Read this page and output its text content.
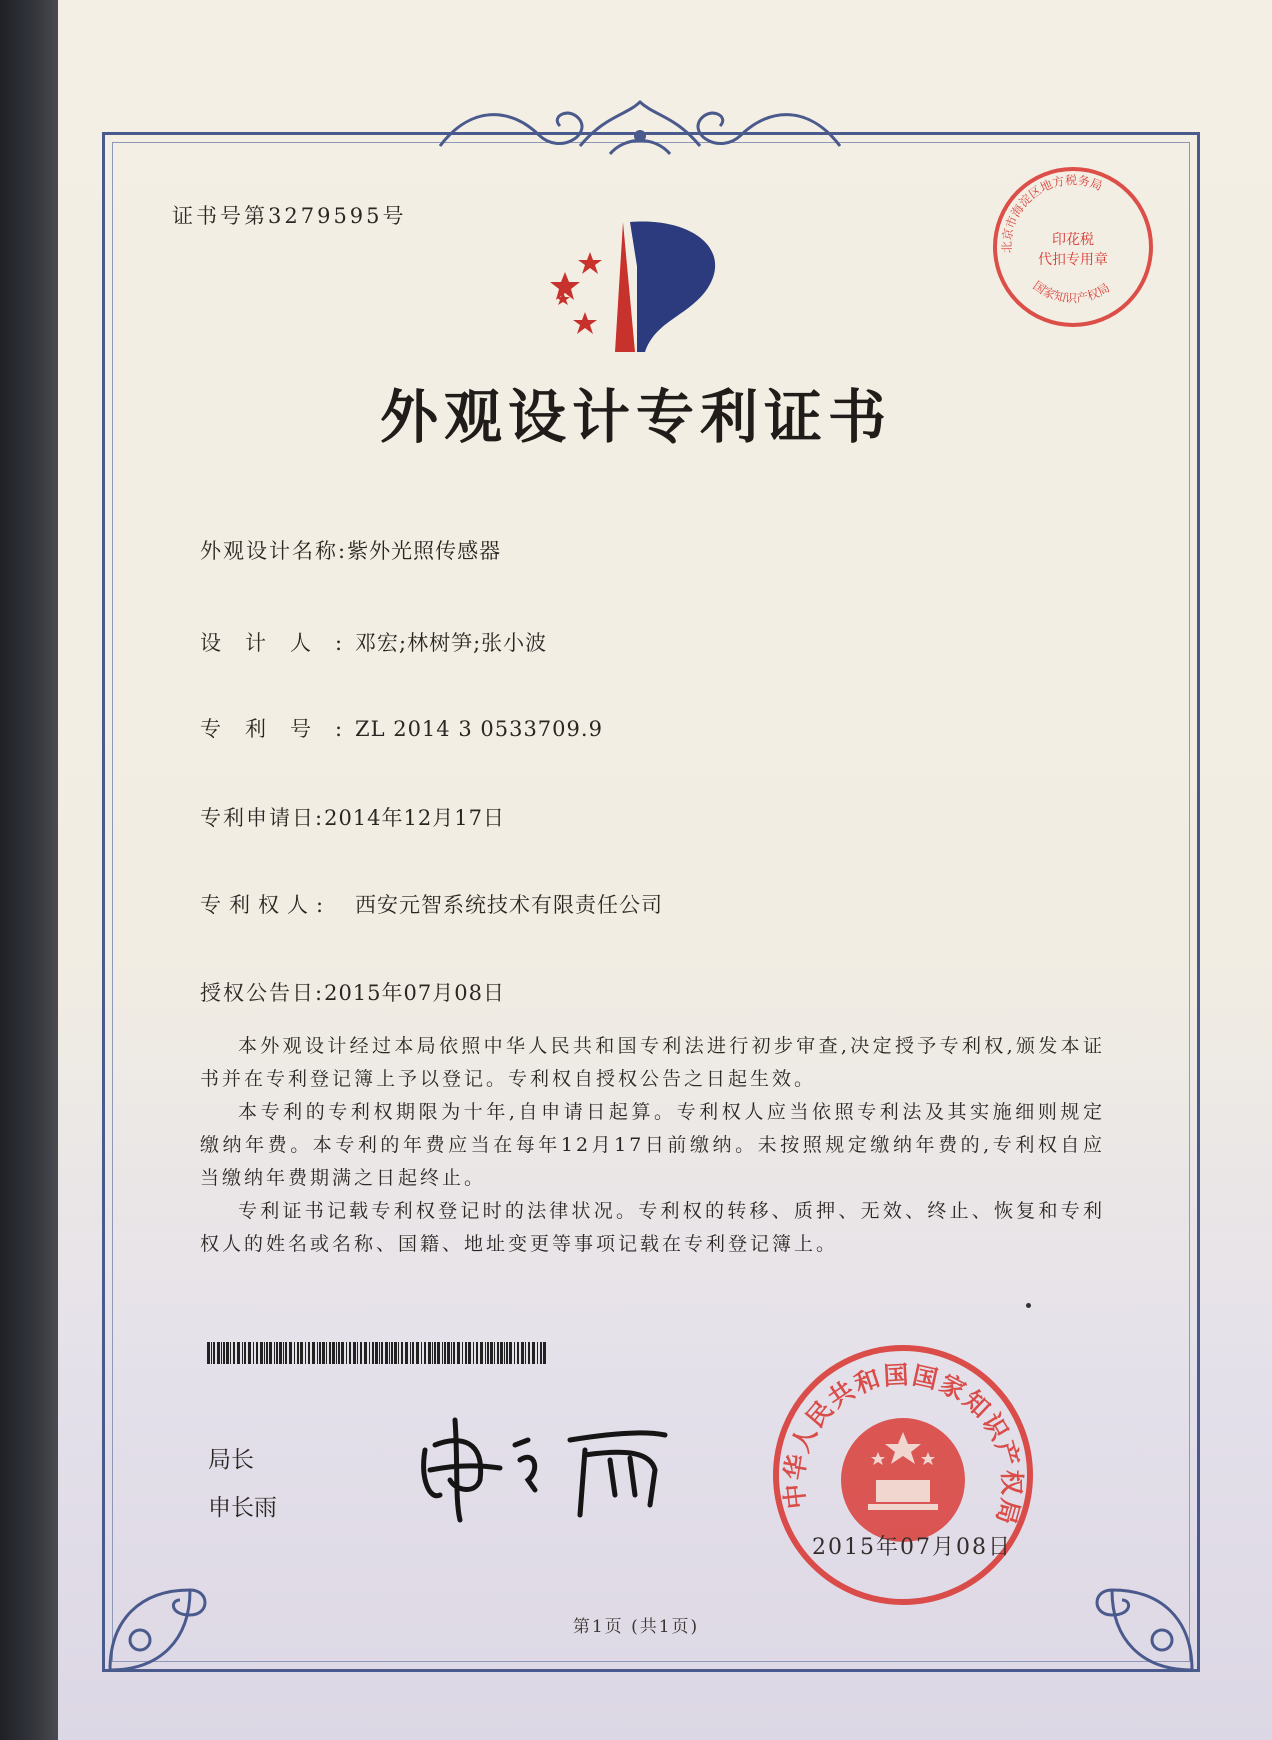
证书号第3279595号
外观设计专利证书
外观设计名称:紫外光照传感器
设计人:邓宏;林树笋;张小波
专利号:ZL 2014 3 0533709.9
专利申请日:2014年12月17日
专利权人: 西安元智系统技术有限责任公司
授权公告日:2015年07月08日

本外观设计经过本局依照中华人民共和国专利法进行初步审查,决定授予专利权,颁发本证书并在专利登记簿上予以登记。专利权自授权公告之日起生效。

本专利的专利权期限为十年,自申请日起算。专利权人应当依照专利法及其实施细则规定缴纳年费。本专利的年费应当在每年12月17日前缴纳。未按照规定缴纳年费的,专利权自应当缴纳年费期满之日起终止。

专利证书记载专利权登记时的法律状况。专利权的转移、质押、无效、终止、恢复和专利权人的姓名或名称、国籍、地址变更等事项记载在专利登记簿上。

局长
申长雨
申长雨
中华人民共和国国家知识产权局
2015年07月08日
北京市海淀区地方税务局
国家知识产权局
印花税
代扣专用章
第1页 (共1页)
